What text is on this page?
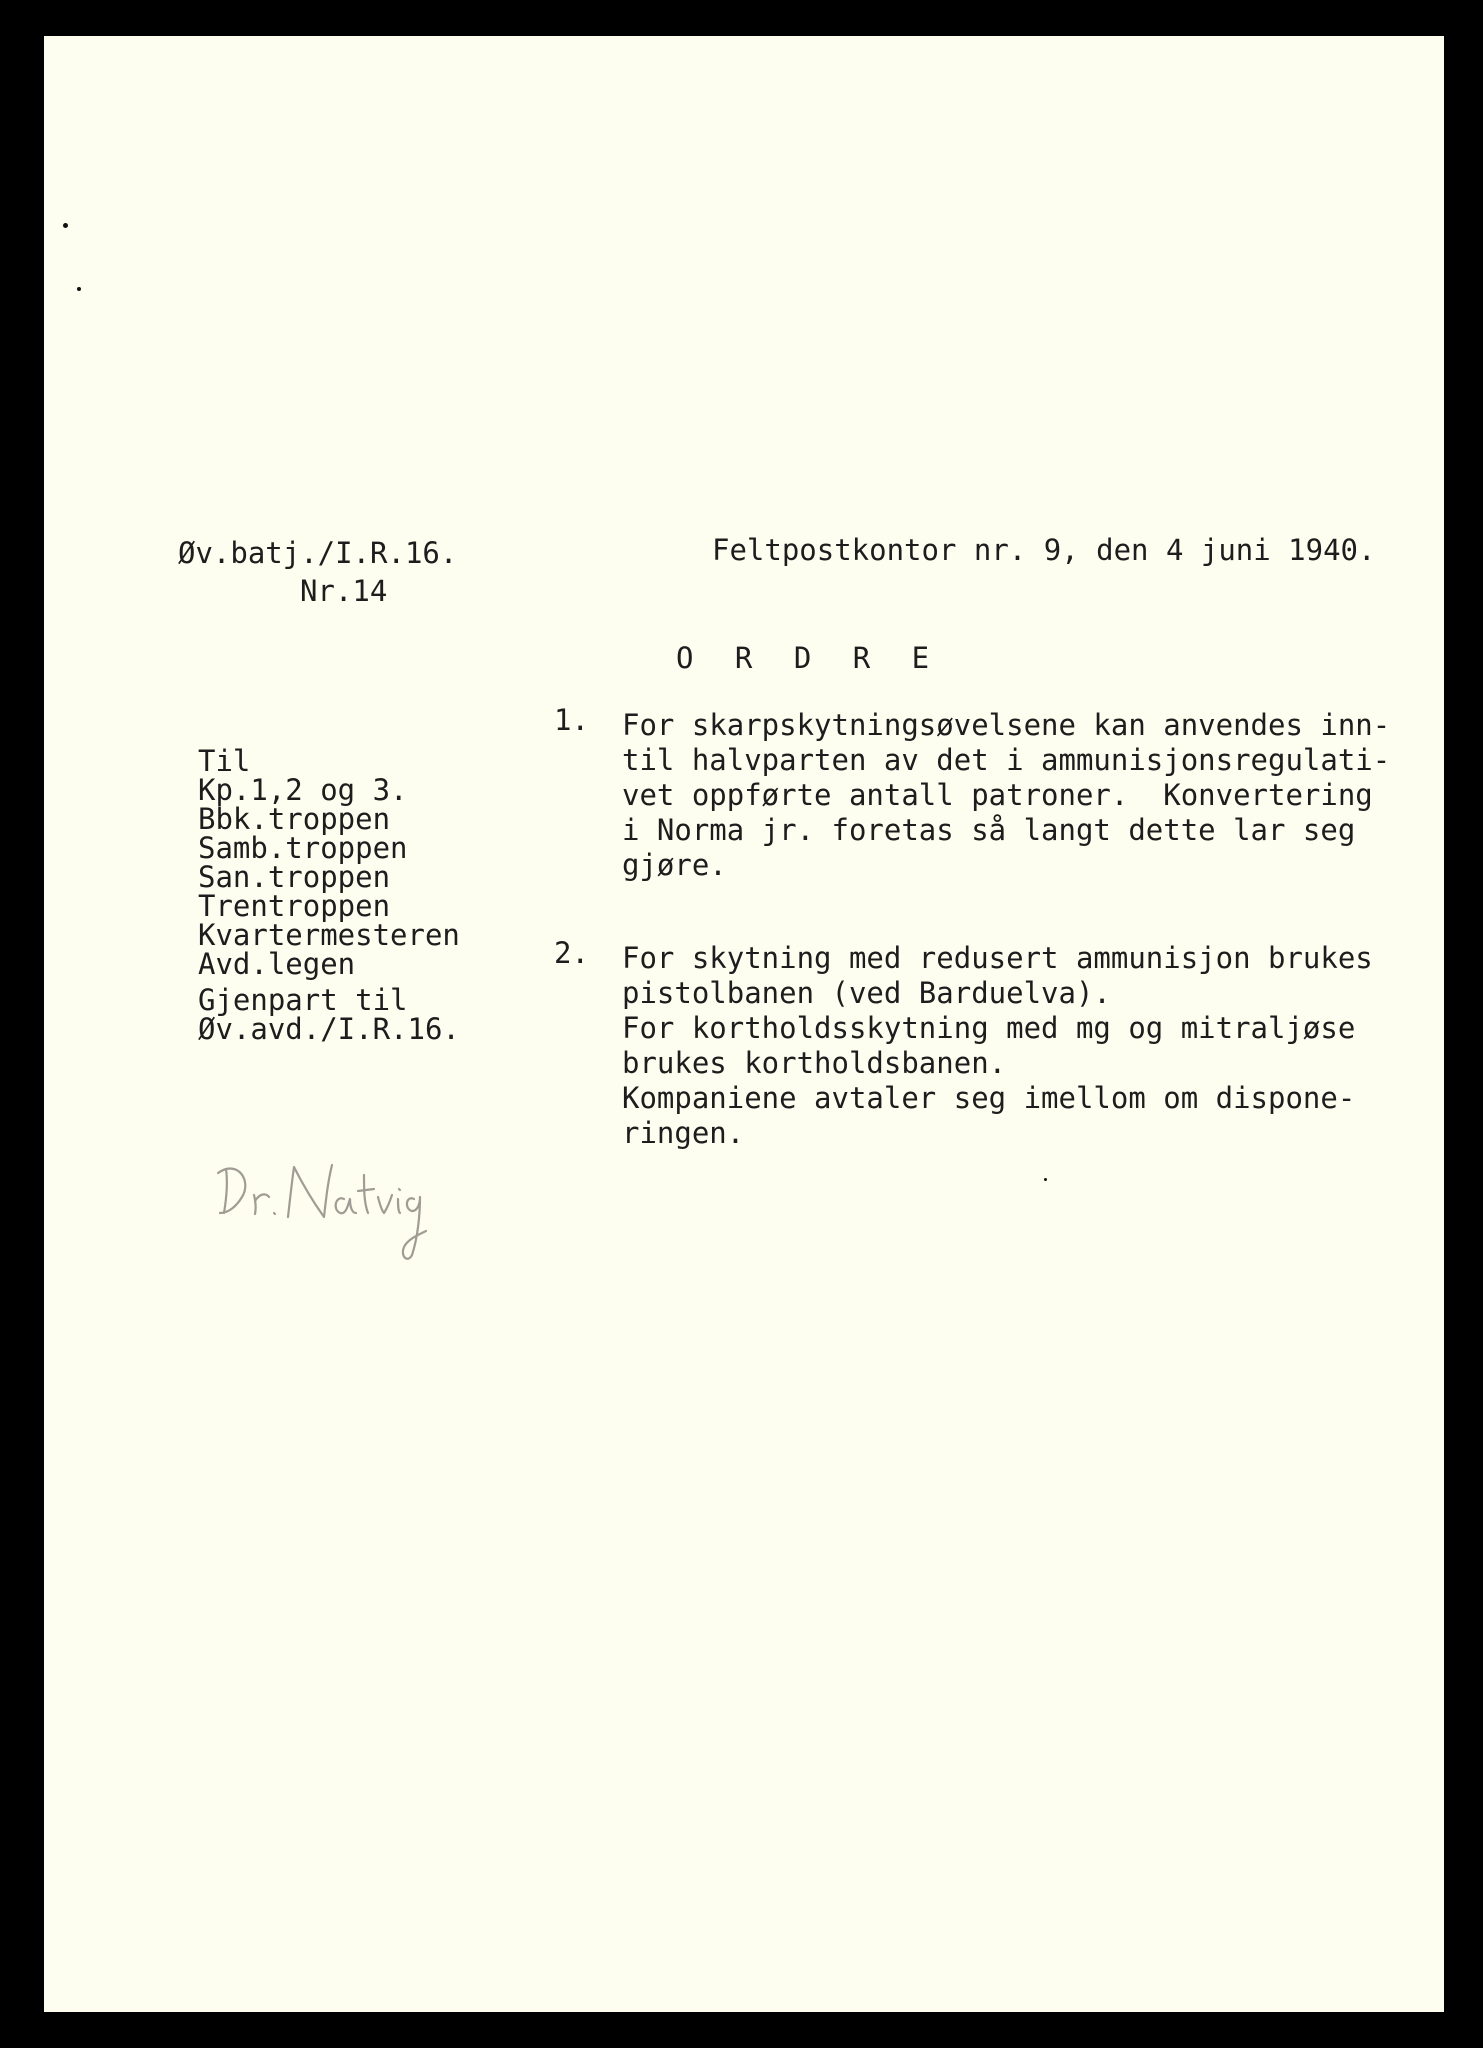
Øv.batj./I.R.16.
Nr.14
Feltpostkontor nr. 9, den 4 juni 1940.
O R D R E
Til
Kp.1,2 og 3.
Bbk.troppen
Samb.troppen
San.troppen
Trentroppen
Kvartermesteren
Avd.legen
Gjenpart til
Øv.avd./I.R.16.
1. For skarpskytningsøvelsene kan anvendes inn-
til halvparten av det i ammunisjonsregulati-
vet oppførte antall patroner.  Konvertering
i Norma jr. foretas så langt dette lar seg
gjøre.
2. For skytning med redusert ammunisjon brukes
pistolbanen (ved Barduelva).
For kortholdsskytning med mg og mitraljøse
brukes kortholdsbanen.
Kompaniene avtaler seg imellom om dispone-
ringen.
